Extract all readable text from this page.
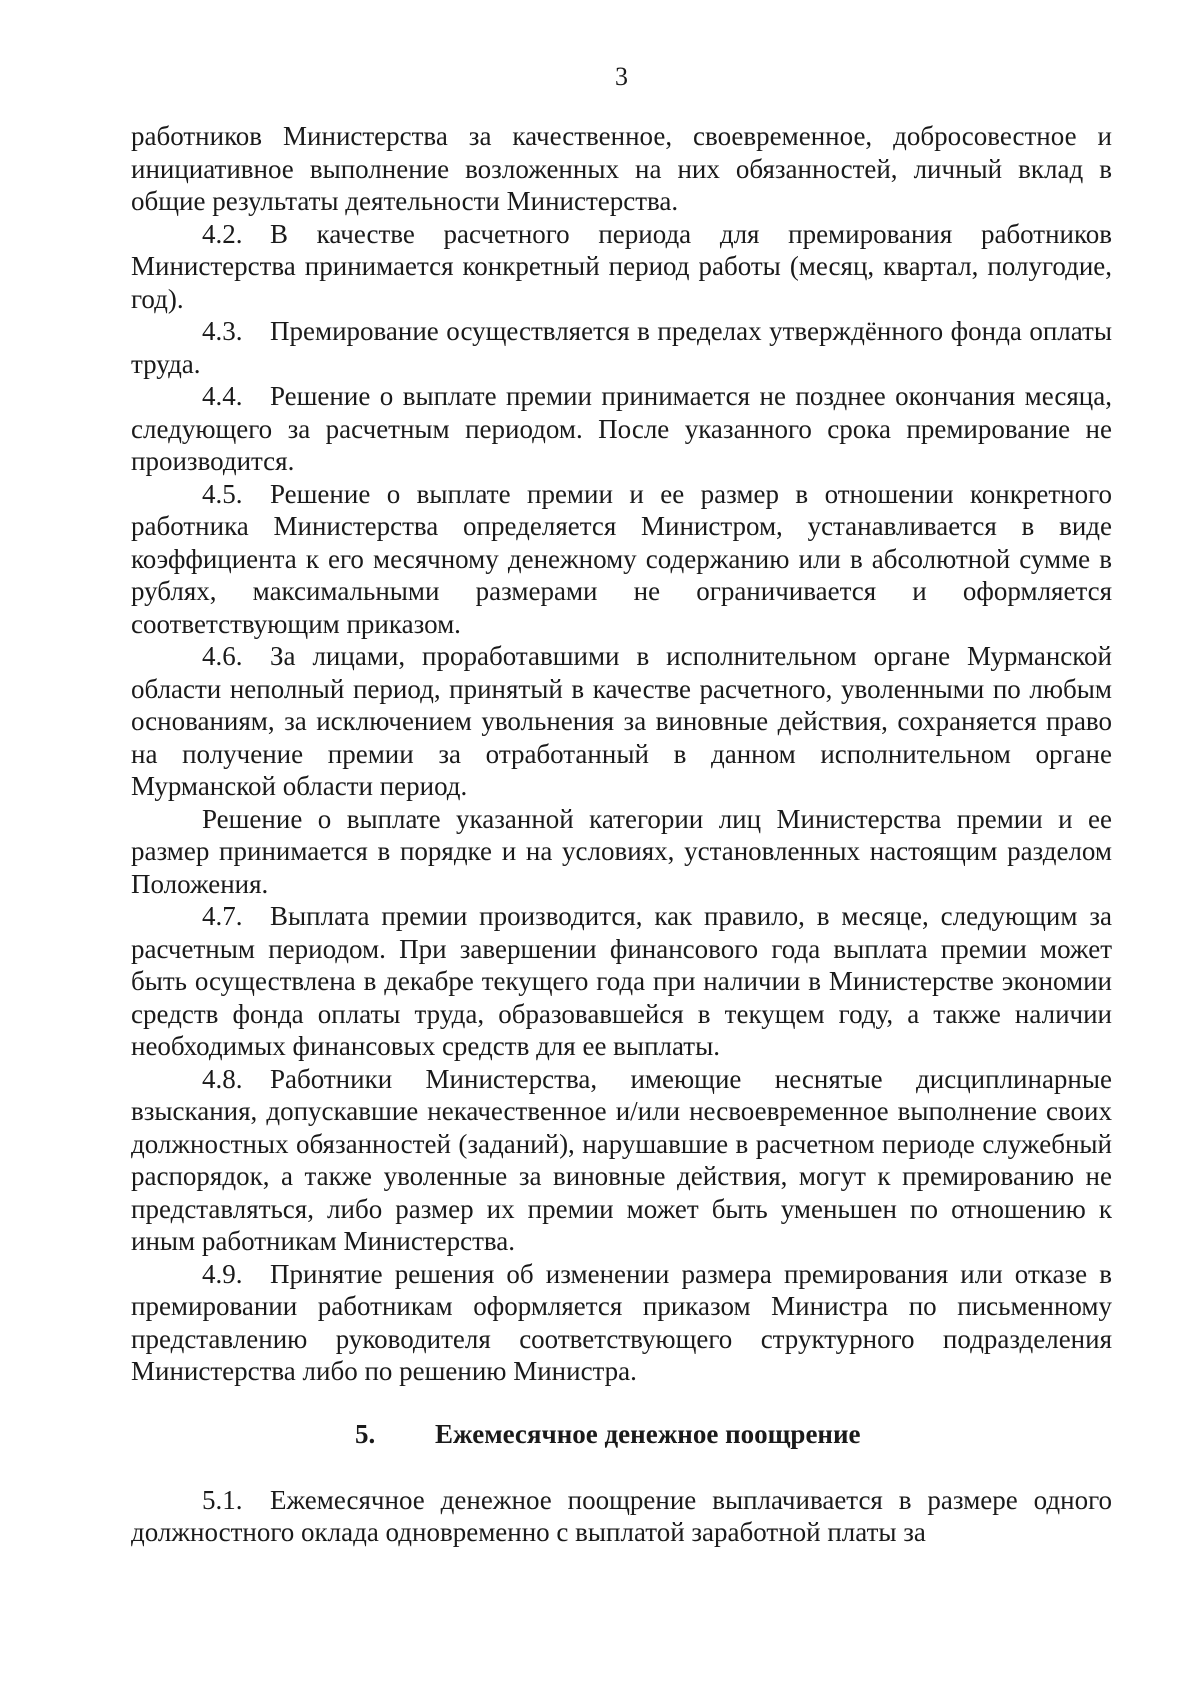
3

работников Министерства за качественное, своевременное, добросовестное и инициативное выполнение возложенных на них обязанностей, личный вклад в общие результаты деятельности Министерства.

4.2. В качестве расчетного периода для премирования работников Министерства принимается конкретный период работы (месяц, квартал, полугодие, год).

4.3. Премирование осуществляется в пределах утверждённого фонда оплаты труда.

4.4. Решение о выплате премии принимается не позднее окончания месяца, следующего за расчетным периодом. После указанного срока премирование не производится.

4.5. Решение о выплате премии и ее размер в отношении конкретного работника Министерства определяется Министром, устанавливается в виде коэффициента к его месячному денежному содержанию или в абсолютной сумме в рублях, максимальными размерами не ограничивается и оформляется соответствующим приказом.

4.6. За лицами, проработавшими в исполнительном органе Мурманской области неполный период, принятый в качестве расчетного, уволенными по любым основаниям, за исключением увольнения за виновные действия, сохраняется право на получение премии за отработанный в данном исполнительном органе Мурманской области период.

Решение о выплате указанной категории лиц Министерства премии и ее размер принимается в порядке и на условиях, установленных настоящим разделом Положения.

4.7. Выплата премии производится, как правило, в месяце, следующим за расчетным периодом. При завершении финансового года выплата премии может быть осуществлена в декабре текущего года при наличии в Министерстве экономии средств фонда оплаты труда, образовавшейся в текущем году, а также наличии необходимых финансовых средств для ее выплаты.

4.8. Работники Министерства, имеющие неснятые дисциплинарные взыскания, допускавшие некачественное и/или несвоевременное выполнение своих должностных обязанностей (заданий), нарушавшие в расчетном периоде служебный распорядок, а также уволенные за виновные действия, могут к премированию не представляться, либо размер их премии может быть уменьшен по отношению к иным работникам Министерства.

4.9. Принятие решения об изменении размера премирования или отказе в премировании работникам оформляется приказом Министра по письменному представлению руководителя соответствующего структурного подразделения Министерства либо по решению Министра.

5. Ежемесячное денежное поощрение

5.1. Ежемесячное денежное поощрение выплачивается в размере одного должностного оклада одновременно с выплатой заработной платы за
